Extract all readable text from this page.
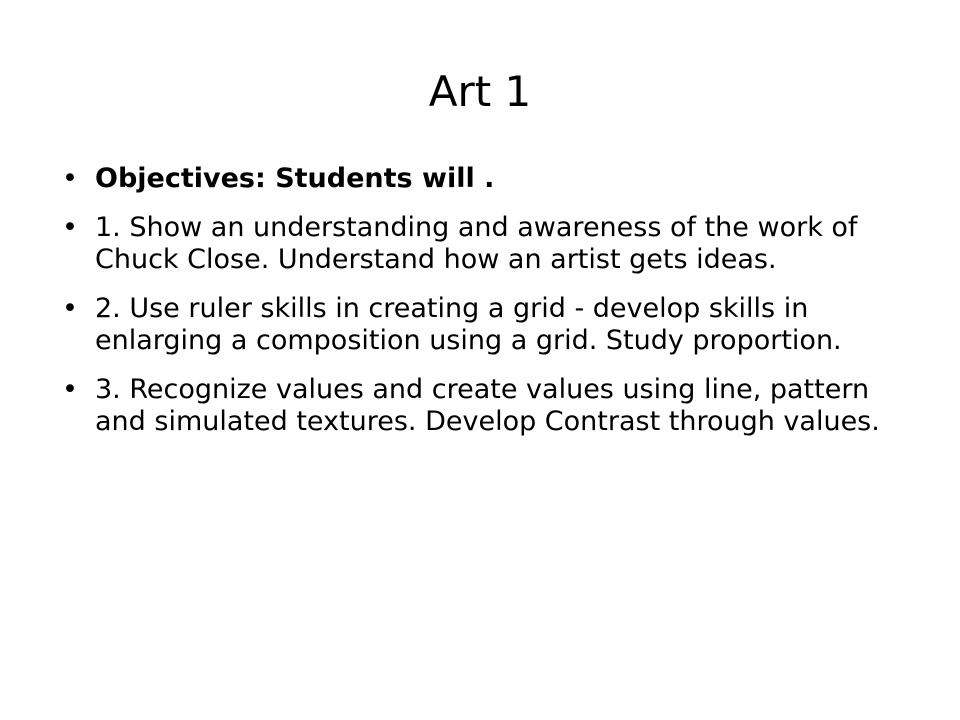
Art 1
• Objectives: Students will .
• 1. Show an understanding and awareness of the work of Chuck Close. Understand how an artist gets ideas.
• 2. Use ruler skills in creating a grid - develop skills in enlarging a composition using a grid. Study proportion.
• 3. Recognize values and create values using line, pattern and simulated textures. Develop Contrast through values.
